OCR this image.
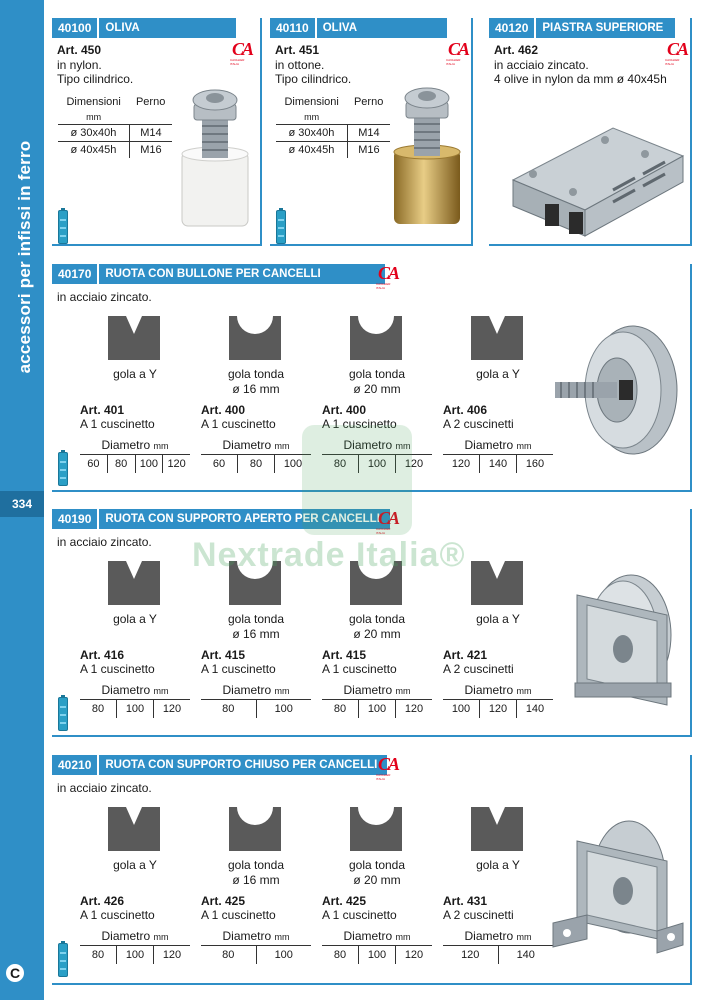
accessori per infissi in ferro
334
C
40100	OLIVA
CA
CAVALIER ITALIA
Art. 450
in nylon.
Tipo cilindrico.
Dimensioni	Perno
mm	
ø 30x40h	M14
ø 40x45h	M16
40110	OLIVA
CA
CAVALIER ITALIA
Art. 451
in ottone.
Tipo cilindrico.
Dimensioni	Perno
mm	
ø 30x40h	M14
ø 40x45h	M16
40120	PIASTRA SUPERIORE
CA
CAVALIER ITALIA
Art. 462
in acciaio zincato.
4 olive in nylon da mm ø 40x45h
40170	RUOTA CON BULLONE PER CANCELLI	CA
CAVALIER ITALIA
in acciaio zincato.
gola a Y
Art. 401
A 1 cuscinetto
Diametro mm
60	80	100 120
gola tonda
ø 16 mm
Art. 400
A 1 cuscinetto
Diametro mm
60	80	100
gola tonda
ø 20 mm
Art. 400
A 1 cuscinetto
Diametro mm
80	100	120
gola a Y
Art. 406
A 2 cuscinetti
Diametro mm
120	140	160
40190	RUOTA CON SUPPORTO APERTO PER CANCELLI
CA
CAVALIER ITALIA
in acciaio zincato.
gola a Y
Art. 416
A 1 cuscinetto
Diametro mm
80	100	120
gola tonda
ø 16 mm
Art. 415
A 1 cuscinetto
Diametro mm
80	100
gola tonda
ø 20 mm
Art. 415
A 1 cuscinetto
Diametro mm
80	100	120
gola a Y
Art. 421
A 2 cuscinetti
Diametro mm
100	120	140
40210	RUOTA CON SUPPORTO CHIUSO PER CANCELLI CA
CAVALIER ITALIA
in acciaio zincato.
gola a Y
Art. 426
A 1 cuscinetto
Diametro mm
80	100	120
gola tonda
ø 16 mm
Art. 425
A 1 cuscinetto
Diametro mm
80	100
gola tonda
ø 20 mm
Art. 425
A 1 cuscinetto
Diametro mm
80	100	120
gola a Y
Art. 431
A 2 cuscinetti
Diametro mm
120	140
Nextrade Italia®
